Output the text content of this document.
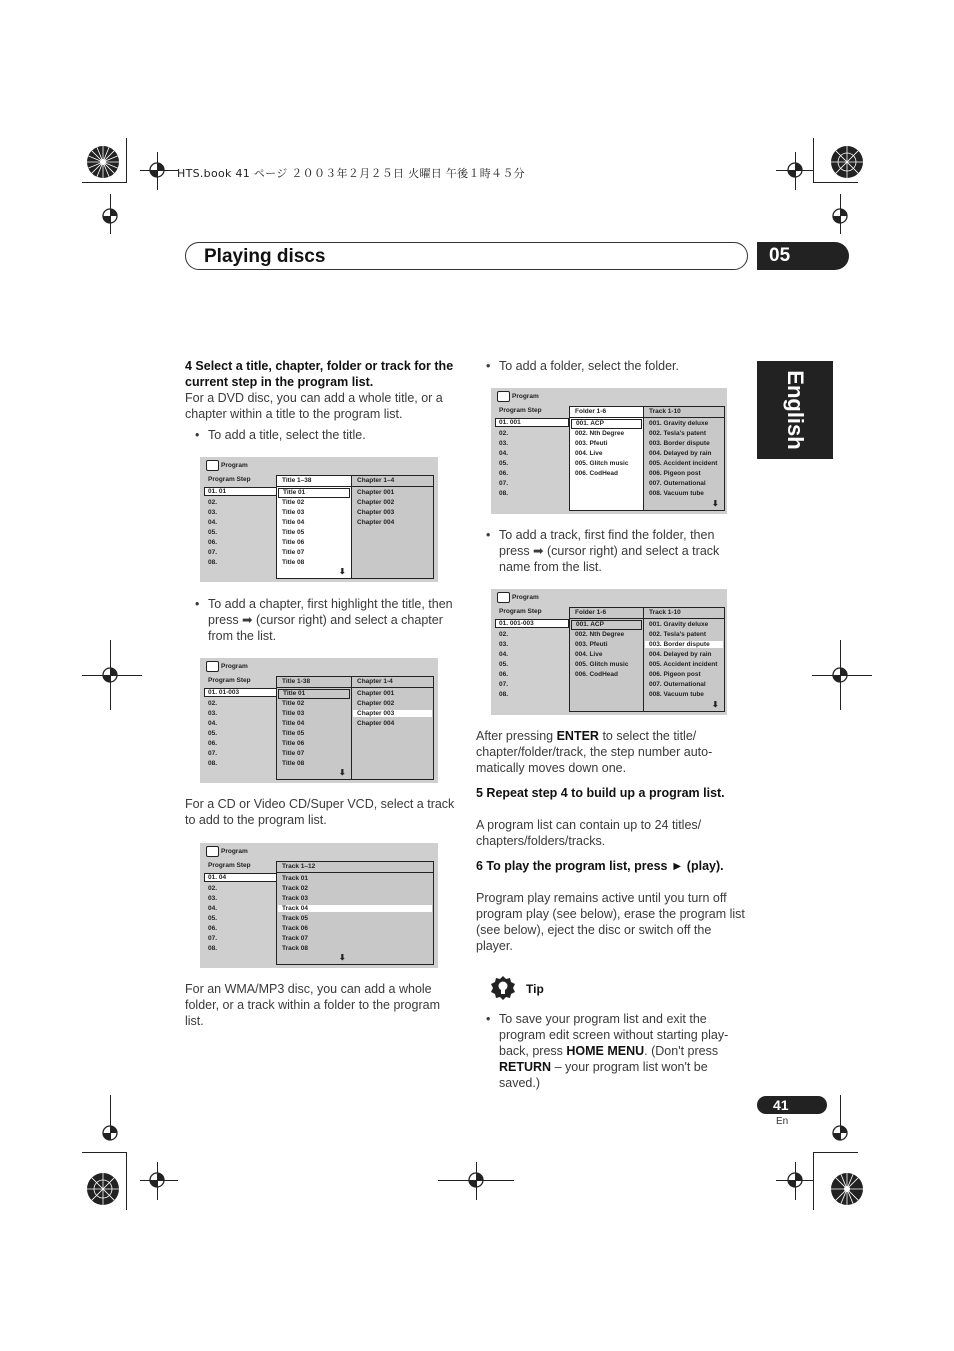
HTS.book 41 ページ ２００３年２月２５日 火曜日 午後１時４５分
Playing discs	05
English
4 Select a title, chapter, folder or track for the current step in the program list.
For a DVD disc, you can add a whole title, or a chapter within a title to the program list.
• To add a title, select the title.
Program
Program Step
01. 01
02.
03.
04.
05.
06.
07.
08.
Title 1–38
Title 01
Title 02
Title 03
Title 04
Title 05
Title 06
Title 07
Title 08
⬇
Chapter 1–4
Chapter 001
Chapter 002
Chapter 003
Chapter 004
• To add a chapter, first highlight the title, then press ➡ (cursor right) and select a chapter from the list.
Program
Program Step
01. 01-003
02.
03.
04.
05.
06.
07.
08.
Title 1-38
Title 01
Title 02
Title 03
Title 04
Title 05
Title 06
Title 07
Title 08
⬇
Chapter 1-4
Chapter 001
Chapter 002
Chapter 003
Chapter 004
For a CD or Video CD/Super VCD, select a track to add to the program list.
Program
Program Step
01. 04
02.
03.
04.
05.
06.
07.
08.
Track 1–12
Track 01
Track 02
Track 03
Track 04
Track 05
Track 06
Track 07
Track 08
⬇
For an WMA/MP3 disc, you can add a whole folder, or a track within a folder to the program list.
• To add a folder, select the folder.
Program
Program Step
01. 001
02.
03.
04.
05.
06.
07.
08.
Folder 1-6
001. ACP
002. Nth Degree
003. Pfeuti
004. Live
005. Glitch music
006. CodHead
Track 1-10
001. Gravity deluxe
002. Tesla's patent
003. Border dispute
004. Delayed by rain
005. Accident incident
006. Pigeon post
007. Outernational
008. Vacuum tube
⬇
• To add a track, first find the folder, then press ➡ (cursor right) and select a track name from the list.
Program
Program Step
01. 001-003
02.
03.
04.
05.
06.
07.
08.
Folder 1-6
001. ACP
002. Nth Degree
003. Pfeuti
004. Live
005. Glitch music
006. CodHead
Track 1-10
001. Gravity deluxe
002. Tesla's patent
003. Border dispute
004. Delayed by rain
005. Accident incident
006. Pigeon post
007. Outernational
008. Vacuum tube
⬇
After pressing ENTER to select the title/ chapter/folder/track, the step number auto-matically moves down one.
5 Repeat step 4 to build up a program list.
A program list can contain up to 24 titles/ chapters/folders/tracks.
6 To play the program list, press ► (play).
Program play remains active until you turn off program play (see below), erase the program list (see below), eject the disc or switch off the player.
Tip
• To save your program list and exit the program edit screen without starting play-back, press HOME MENU. (Don't press RETURN – your program list won't be saved.)
41
En
